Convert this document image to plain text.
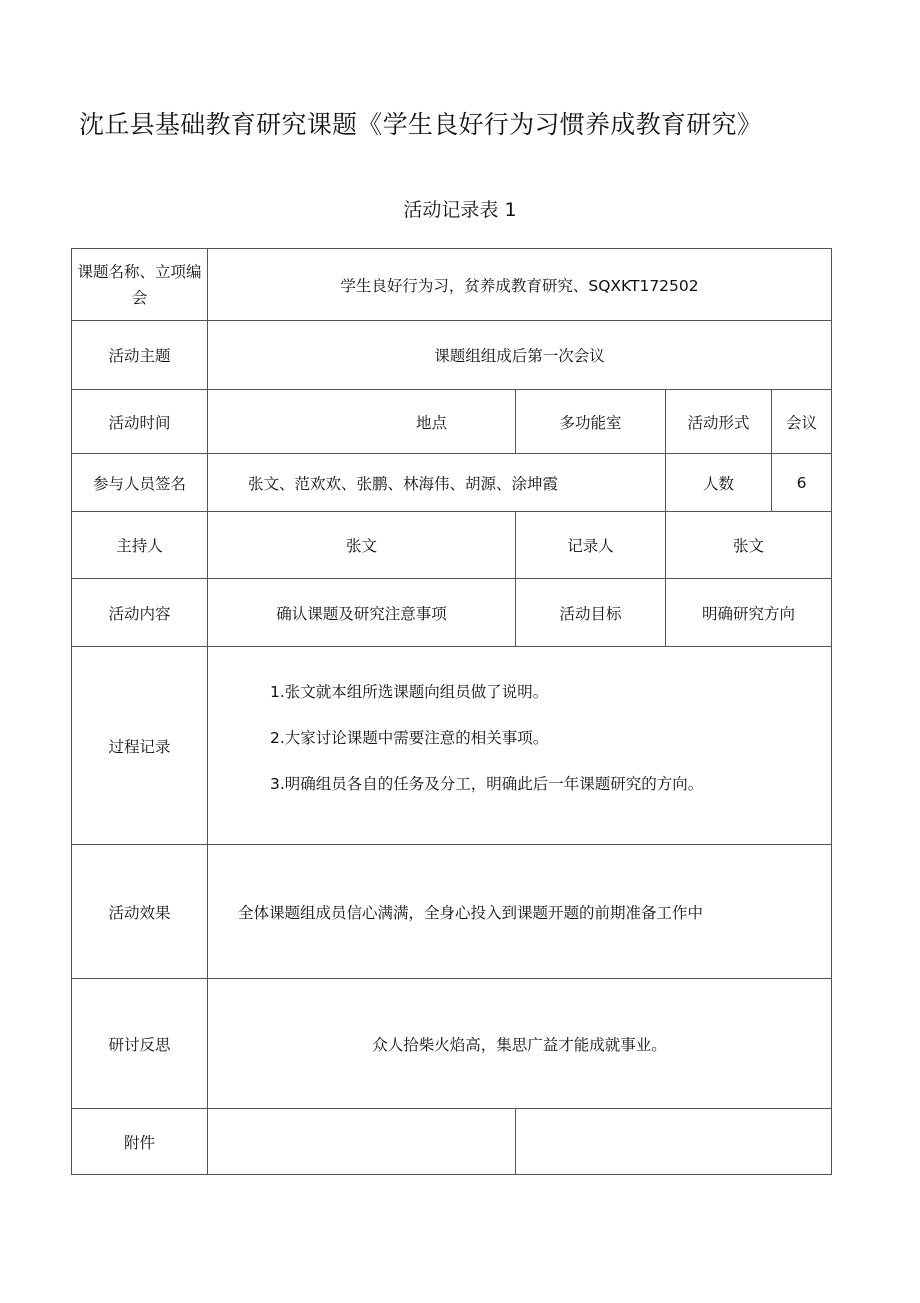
沈丘县基础教育研究课题《学生良好行为习惯养成教育研究》
活动记录表 1
课题名称、立项编会	学生良好行为习，贫养成教育研究、SQXKT172502			
活动主题	课题组组成后第一次会议			
活动时间	地点	多功能室	活动形式	会议
参与人员签名	张文、范欢欢、张鹏、林海伟、胡源、涂坤霞		人数	6
主持人	张文	记录人	张文	
活动内容	确认课题及研究注意事项	活动目标	明确研究方向	
过程记录	1.张文就本组所选课题向组员做了说明。

2.大家讨论课题中需要注意的相关事项。

3.明确组员各自的任务及分工，明确此后一年课题研究的方向。			

活动效果	全体课题组成员信心满满，全身心投入到课题开题的前期准备工作中			
研讨反思	众人拾柴火焰高，集思广益才能成就事业。			
附件				
